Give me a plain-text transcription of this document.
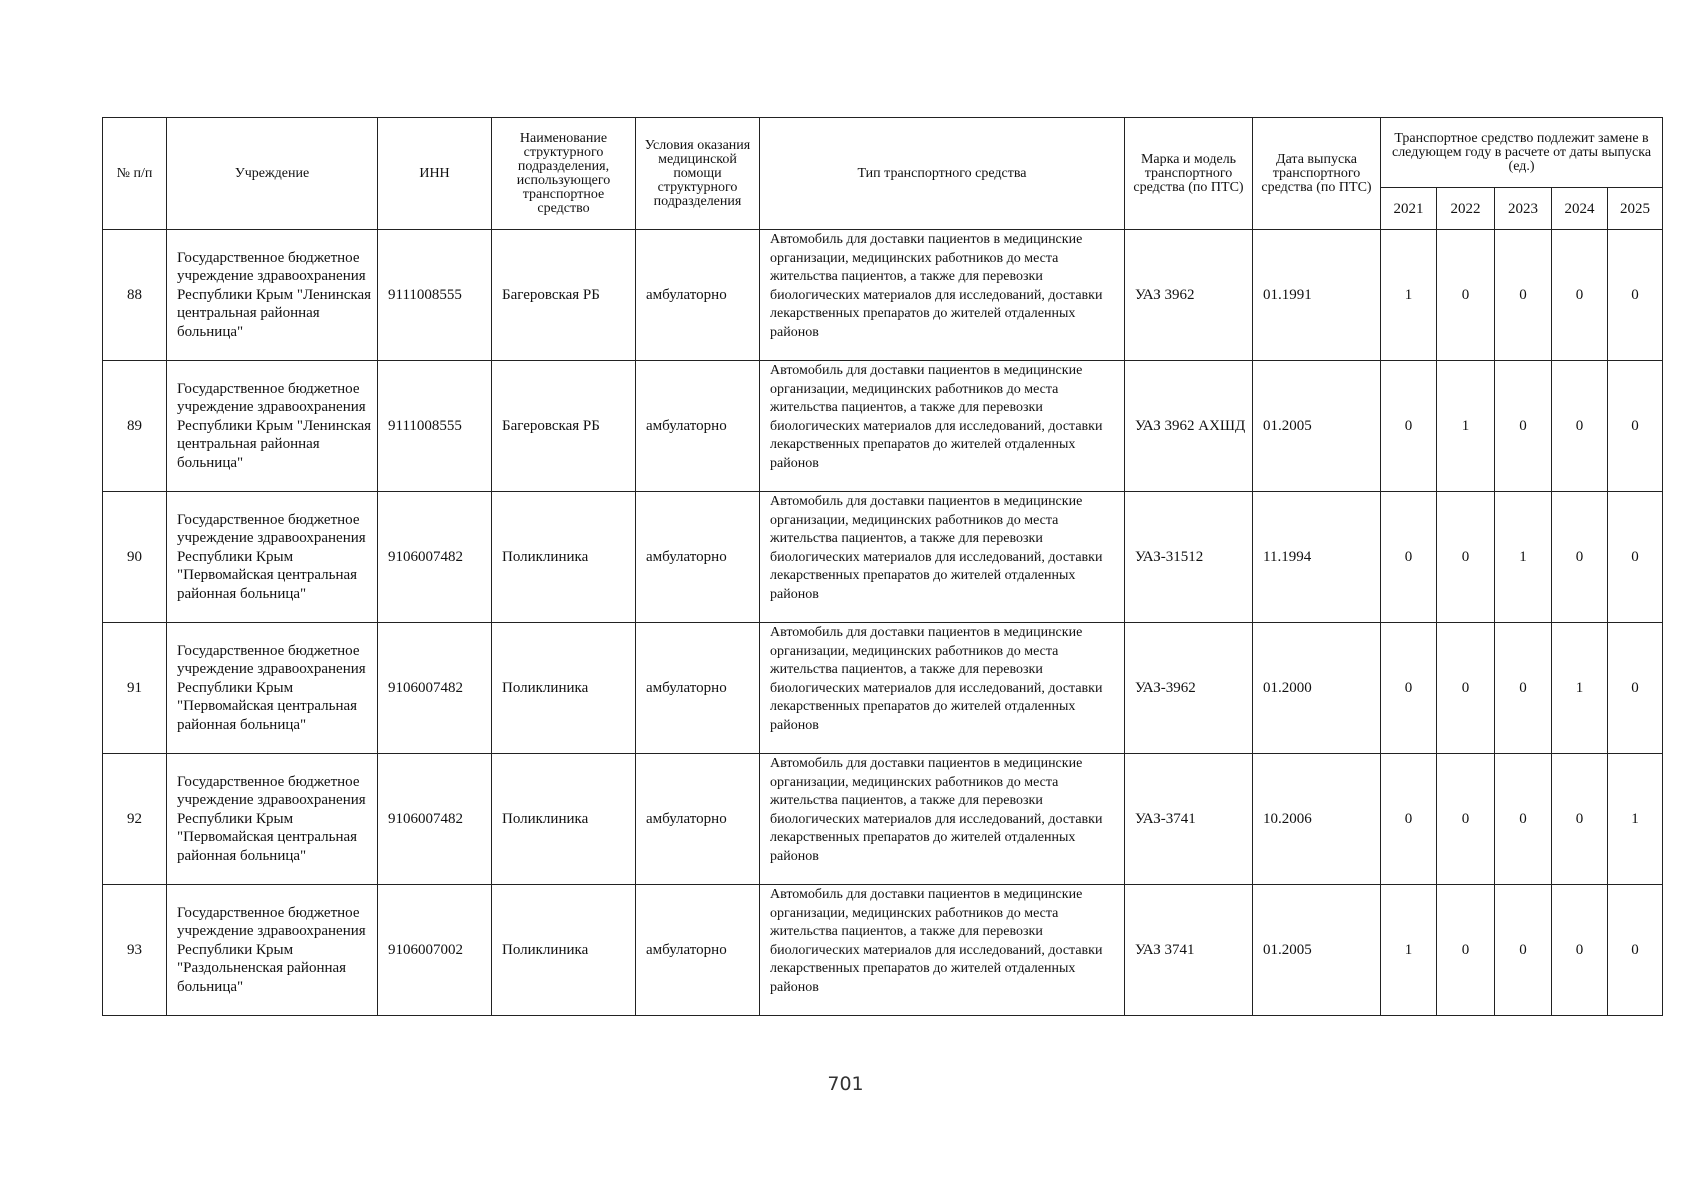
№ п/п	Учреждение	ИНН	Наименование структурного подразделения, использующего транспортное средство	Условия оказания медицинской помощи структурного подразделения	Тип транспортного средства	Марка и модель транспортного средства (по ПТС)	Дата выпуска транспортного средства (по ПТС)	Транспортное средство подлежит замене в следующем году в расчете от даты выпуска (ед.)				
								2021	2022	2023	2024	2025
88	Государственное бюджетное учреждение здравоохранения Республики Крым "Ленинская центральная районная больница"	9111008555	Багеровская РБ	амбулаторно	Автомобиль для доставки пациентов в медицинские организации, медицинских работников до места жительства пациентов, а также для перевозки биологических материалов для исследований, доставки лекарственных препаратов до жителей отдаленных районов	УАЗ 3962	01.1991	1	0	0	0	0
89	Государственное бюджетное учреждение здравоохранения Республики Крым "Ленинская центральная районная больница"	9111008555	Багеровская РБ	амбулаторно	Автомобиль для доставки пациентов в медицинские организации, медицинских работников до места жительства пациентов, а также для перевозки биологических материалов для исследований, доставки лекарственных препаратов до жителей отдаленных районов	УАЗ 3962 АХШД	01.2005	0	1	0	0	0
90	Государственное бюджетное учреждение здравоохранения Республики Крым "Первомайская центральная районная больница"	9106007482	Поликлиника	амбулаторно	Автомобиль для доставки пациентов в медицинские организации, медицинских работников до места жительства пациентов, а также для перевозки биологических материалов для исследований, доставки лекарственных препаратов до жителей отдаленных районов	УАЗ-31512	11.1994	0	0	1	0	0
91	Государственное бюджетное учреждение здравоохранения Республики Крым "Первомайская центральная районная больница"	9106007482	Поликлиника	амбулаторно	Автомобиль для доставки пациентов в медицинские организации, медицинских работников до места жительства пациентов, а также для перевозки биологических материалов для исследований, доставки лекарственных препаратов до жителей отдаленных районов	УАЗ-3962	01.2000	0	0	0	1	0
92	Государственное бюджетное учреждение здравоохранения Республики Крым "Первомайская центральная районная больница"	9106007482	Поликлиника	амбулаторно	Автомобиль для доставки пациентов в медицинские организации, медицинских работников до места жительства пациентов, а также для перевозки биологических материалов для исследований, доставки лекарственных препаратов до жителей отдаленных районов	УАЗ-3741	10.2006	0	0	0	0	1
93	Государственное бюджетное учреждение здравоохранения Республики Крым "Раздольненская районная больница"	9106007002	Поликлиника	амбулаторно	Автомобиль для доставки пациентов в медицинские организации, медицинских работников до места жительства пациентов, а также для перевозки биологических материалов для исследований, доставки лекарственных препаратов до жителей отдаленных районов	УАЗ 3741	01.2005	1	0	0	0	0
701
